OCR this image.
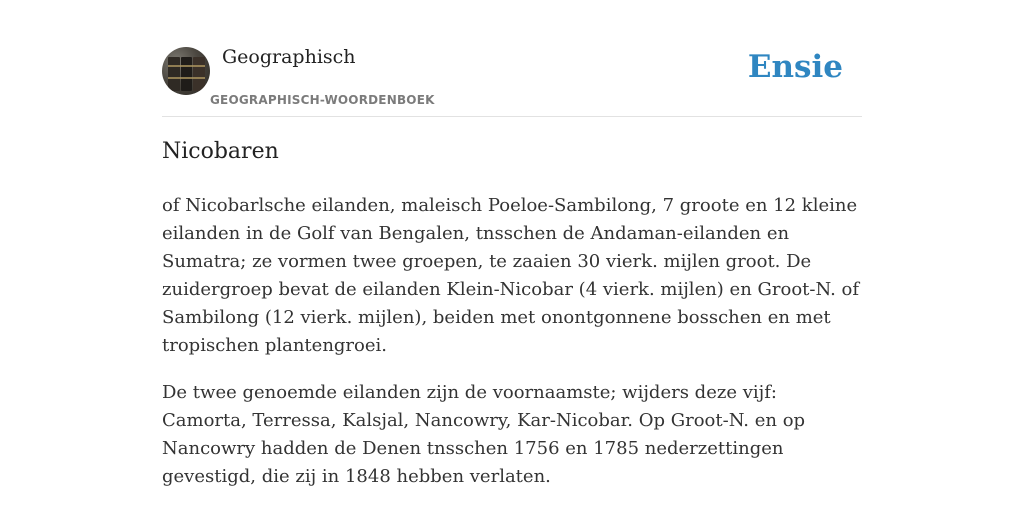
Geographisch
GEOGRAPHISCH-WOORDENBOEK
Ensie
Nicobaren

of Nicobarlsche eilanden, maleisch Poeloe-Sambilong, 7 groote en 12 kleine eilanden in de Golf van Bengalen, tnsschen de Andaman-eilanden en Sumatra; ze vormen twee groepen, te zaaien 30 vierk. mijlen groot. De zuidergroep bevat de eilanden Klein-Nicobar (4 vierk. mijlen) en Groot-N. of Sambilong (12 vierk. mijlen), beiden met onontgonnene bosschen en met tropischen plantengroei.

De twee genoemde eilanden zijn de voornaamste; wijders deze vijf: Camorta, Terressa, Kalsjal, Nancowry, Kar-Nicobar. Op Groot-N. en op Nancowry hadden de Denen tnsschen 1756 en 1785 nederzettingen gevestigd, die zij in 1848 hebben verlaten.
